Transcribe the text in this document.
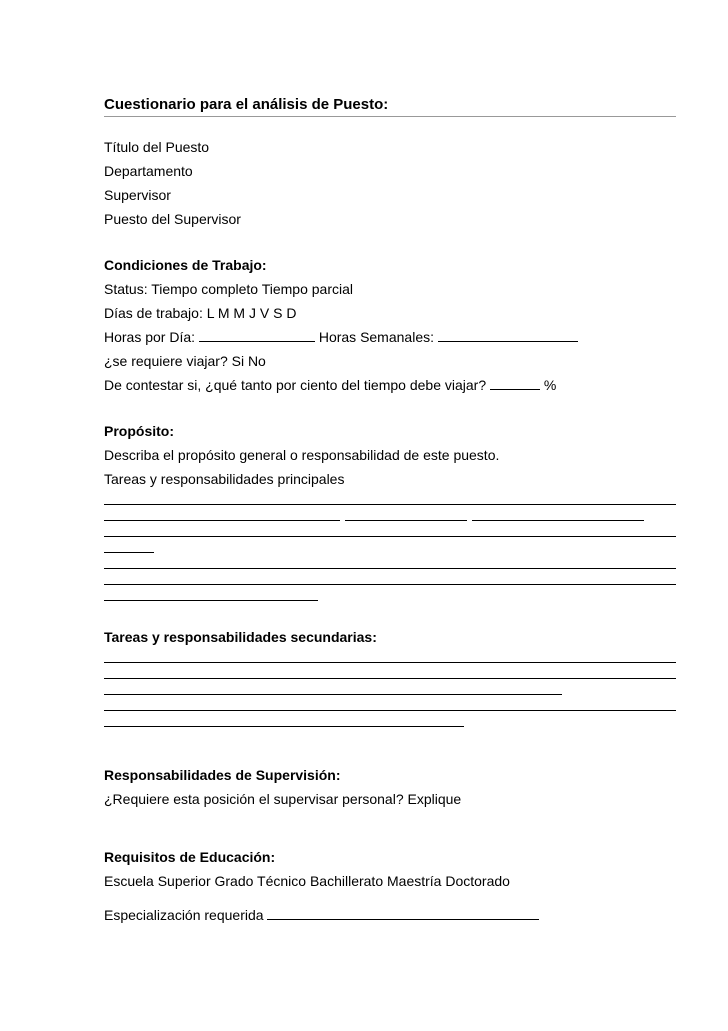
Cuestionario para el análisis de Puesto:
Título del Puesto
Departamento
Supervisor
Puesto del Supervisor
Condiciones de Trabajo:
Status: Tiempo completo Tiempo parcial
Días de trabajo: L M M J V S D
Horas por Día:	Horas Semanales:
¿se requiere viajar? Si No
De contestar si, ¿qué tanto por ciento del tiempo debe viajar?	%
Propósito:
Describa el propósito general o responsabilidad de este puesto.
Tareas y responsabilidades principales
Tareas y responsabilidades secundarias:
Responsabilidades de Supervisión:
¿Requiere esta posición el supervisar personal? Explique
Requisitos de Educación:
Escuela Superior Grado Técnico Bachillerato Maestría Doctorado
Especialización requerida
